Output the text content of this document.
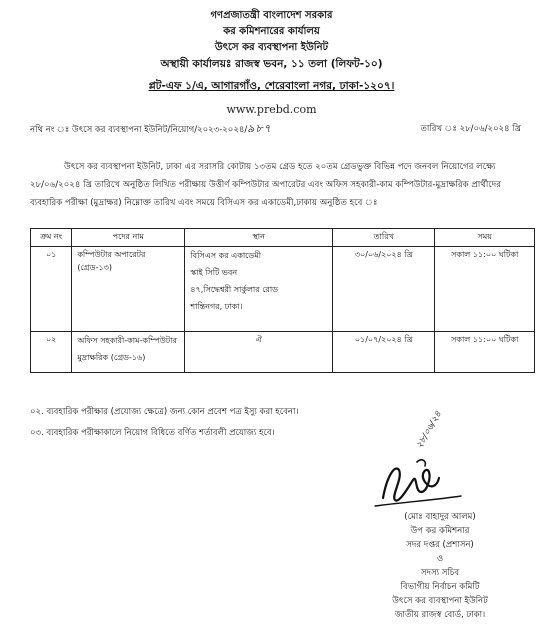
গণপ্রজাতন্ত্রী বাংলাদেশ সরকার
কর কমিশনারের কার্যালয়
উৎসে কর ব্যবস্থাপনা ইউনিট
অস্থায়ী কার্যালয়ঃ রাজস্ব ভবন, ১১ তলা (লিফট-১০)
প্লট-এফ ১/এ, আগারগাঁও, শেরেবাংলা নগর, ঢাকা-১২০৭।
www.prebd.com
নথি নং ঃ উৎসে কর ব্যবস্থাপনা ইউনিট/নিয়োগ/২০২৩-২০২৪/৯৮৭	তারিখ ঃ ২৮/০৬/২০২৪ খ্রি
উৎসে কর ব্যবস্থাপনা ইউনিট, ঢাকা এর সরাসরি কোটায় ১৩তম গ্রেড হতে ২০তম গ্রেডভুক্ত বিভিন্ন পদে জনবল নিয়োগের লক্ষ্যে ২৮/০৬/২০২৪ খ্রি তারিখে অনুষ্ঠিত লিখিত পরীক্ষায় উত্তীর্ণ কম্পিউটার অপারেটর এবং অফিস সহকারী-কাম কম্পিউটার-মুদ্রাক্ষরিক প্রার্থীদের ব্যবহারিক পরীক্ষা (মুদ্রাক্ষর) নিম্নোক্ত তারিখ এবং সময়ে বিসিএস কর একাডেমী,ঢাকায় অনুষ্ঠিত হবে ঃ
ক্রম নং	পদের নাম	স্থান	তারিখ	সময়
০১	কম্পিউটার অপারেটর (গ্রেড-১৩)	বিসিএস কর একাডেমী
স্কাই সিটি ভবন
৪৭,সিদ্ধেশ্বরী সার্কুলার রোড
শান্তিনগর, ঢাকা।	৩০/০৬/২০২৪ খ্রি	সকাল ১১:০০ ঘটিকা
০২	অফিস সহকারী-কাম-কম্পিউটার
মুদ্রাক্ষরিক (গ্রেড-১৬)	ঐ	০১/০৭/২০২৪ খ্রি	সকাল ১১:০০ ঘটিকা
০২. ব্যবহারিক পরীক্ষার (প্রযোজ্য ক্ষেত্রে) জন্য কোন প্রবেশ পত্র ইস্যু করা হবেনা।
০৩. ব্যবহারিক পরীক্ষাকালে নিয়োগ বিধিতে বর্ণিত শর্তাবলী প্রযোজ্য হবে।	২৮/০৬/২৪
(মোঃ বাহাদুর আলম)
উপ কর কমিশনার
সদর দপ্তর (প্রশাসন)
ও
সদস্য সচিব
বিভাগীয় নির্বাচন কমিটি
উৎসে কর ব্যবস্থাপনা ইউনিট
জাতীয় রাজস্ব বোর্ড, ঢাকা।
